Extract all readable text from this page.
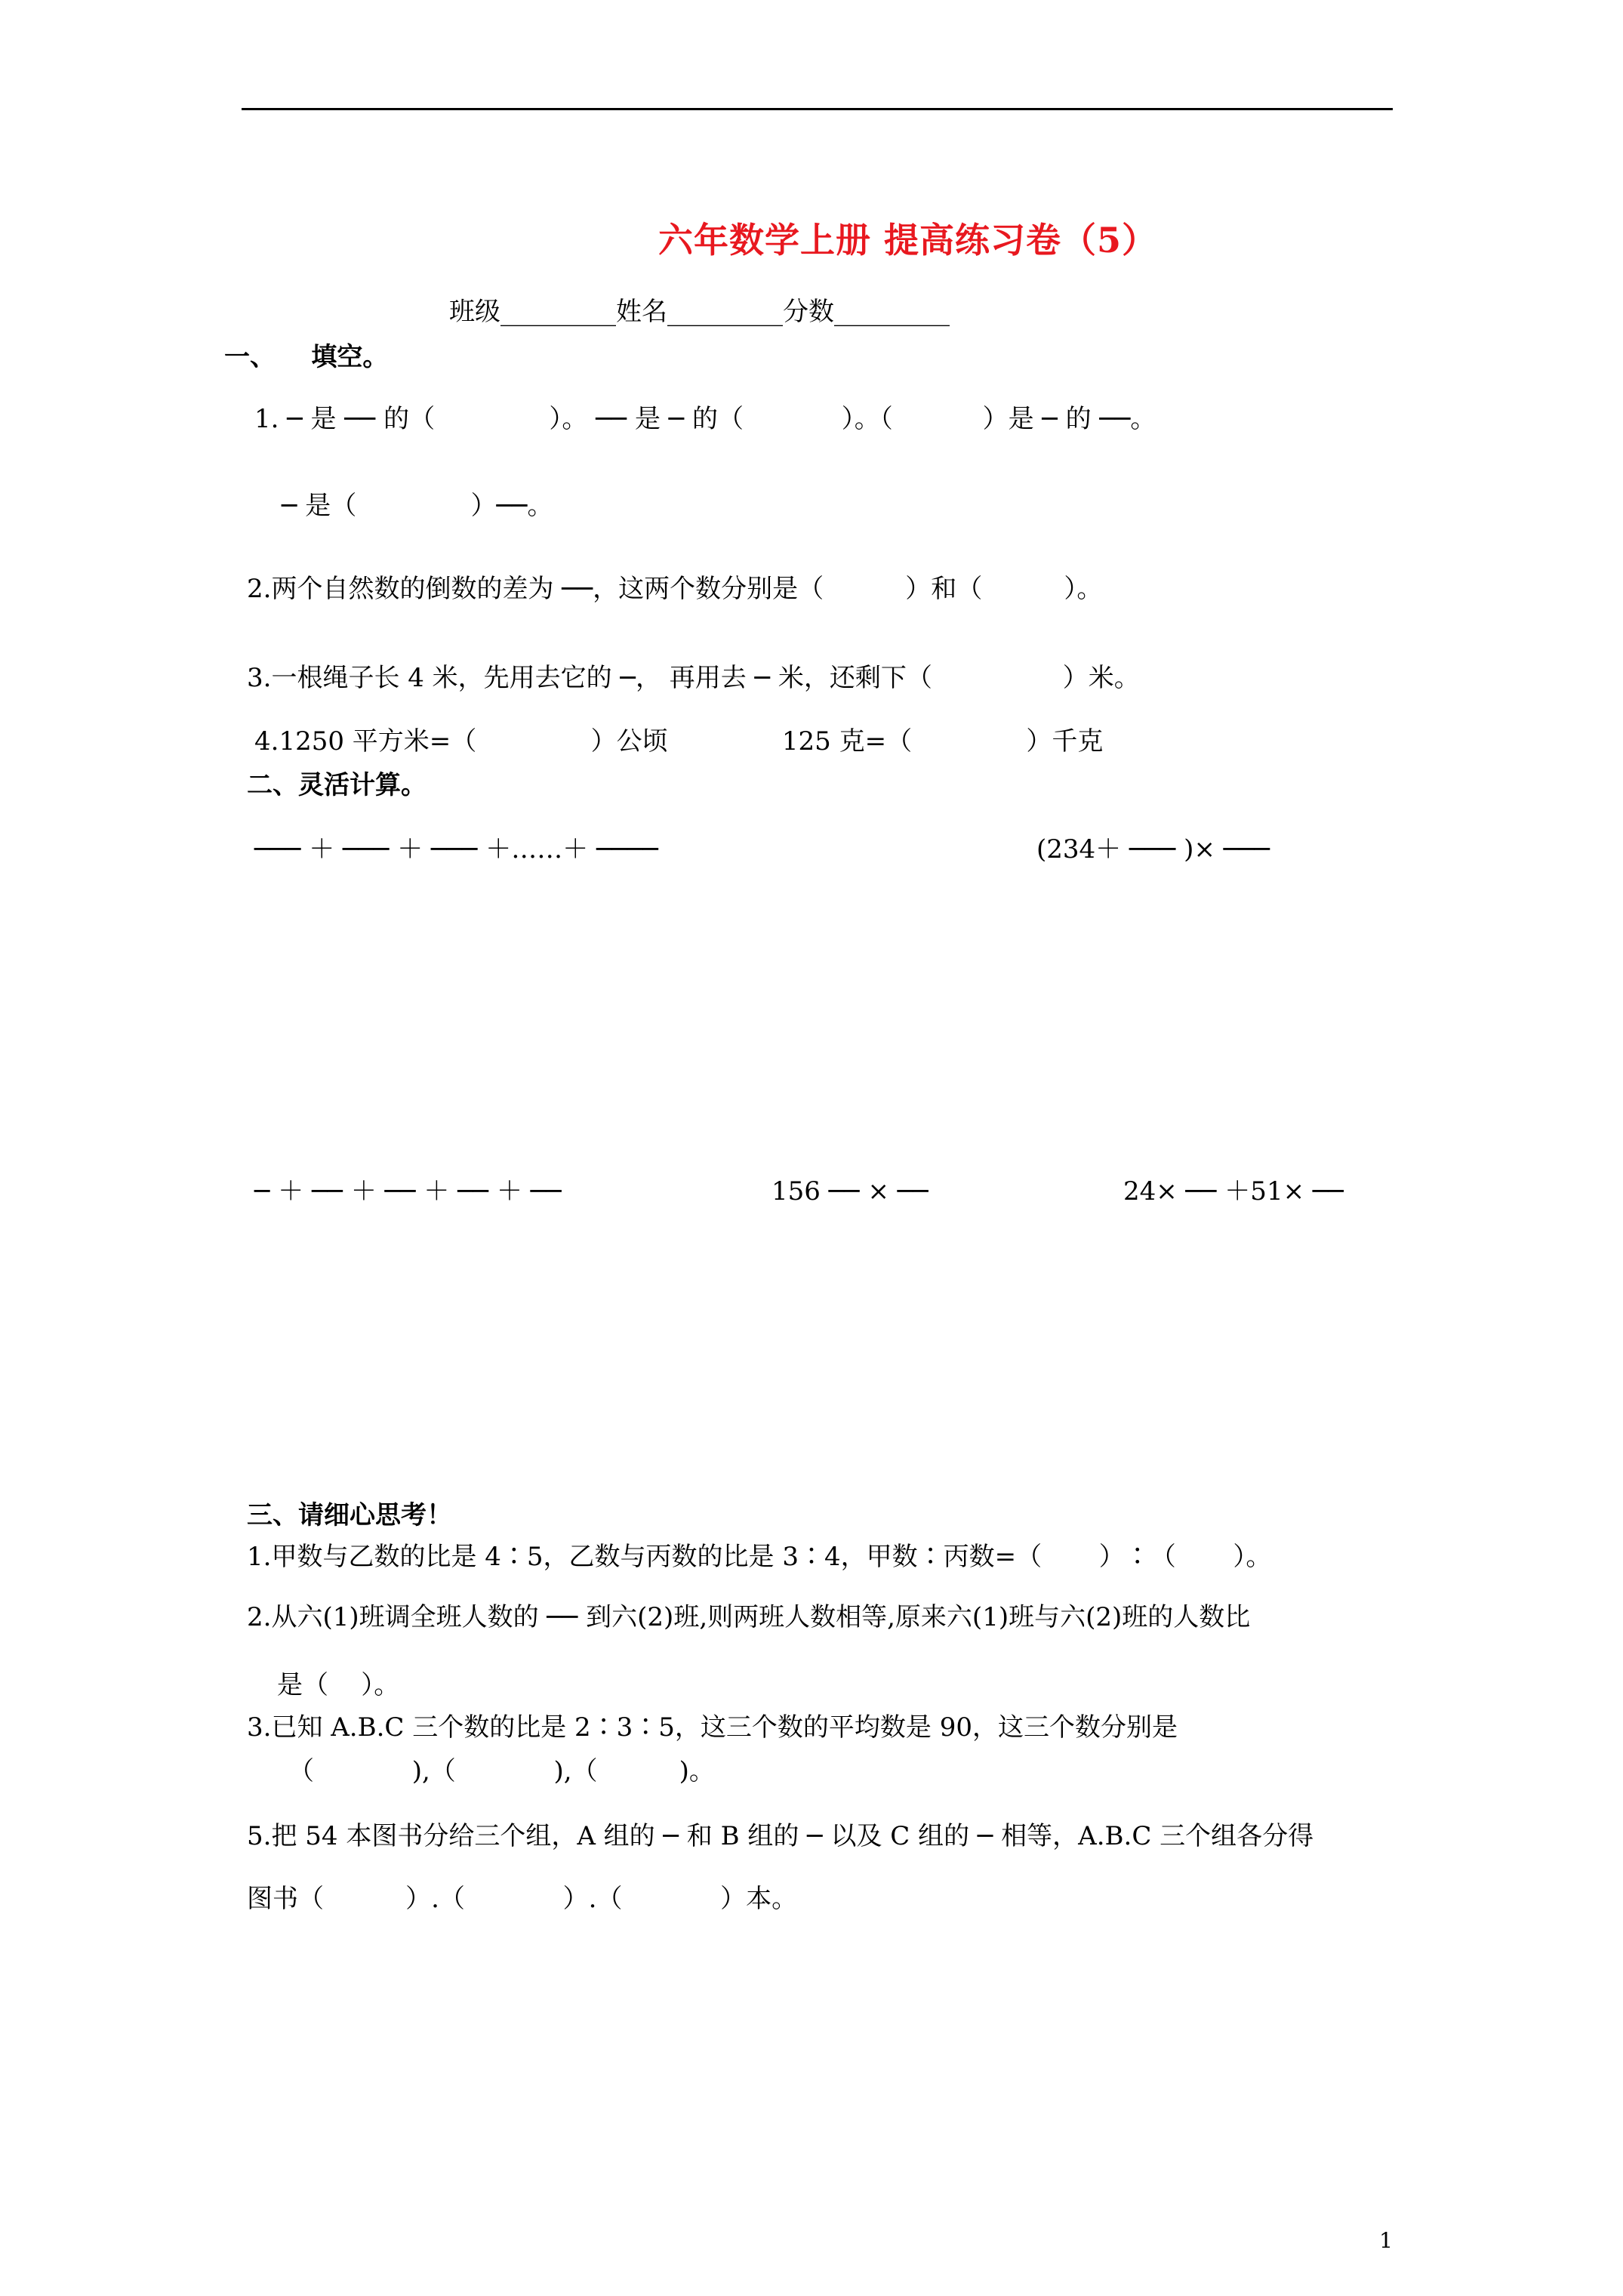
六年数学上册 提高练习卷（5）
班级_________姓名_________分数_________
一、    填空。
1. ─ 是 ── 的（              ）。 ── 是 ─ 的（            ）。（           ）是 ─ 的 ──。
─ 是（              ）──。
2.两个自然数的倒数的差为 ──，这两个数分别是（          ）和（          ）。
3.一根绳子长 4 米，先用去它的 ─， 再用去 ─ 米，还剩下（                ）米。
4.1250 平方米=（              ）公顷              125 克=（              ）千克
二、灵活计算。
─── ＋ ─── ＋ ─── ＋……＋ ────	(234＋ ─── )× ───
─ ＋ ── ＋ ── ＋ ── ＋ ──	156 ── × ──	24× ── ＋51× ──
三、请细心思考！
1.甲数与乙数的比是 4∶5，乙数与丙数的比是 3∶4，甲数∶丙数=（       ）∶（       ）。
2.从六(1)班调全班人数的 ── 到六(2)班,则两班人数相等,原来六(1)班与六(2)班的人数比
是（    ）。
3.已知 A.B.C 三个数的比是 2∶3∶5，这三个数的平均数是 90，这三个数分别是
（            ),（            ),（          )。
5.把 54 本图书分给三个组，A 组的 ─ 和 B 组的 ─ 以及 C 组的 ─ 相等，A.B.C 三个组各分得
图书（          ）.（            ）.（            ）本。
1
